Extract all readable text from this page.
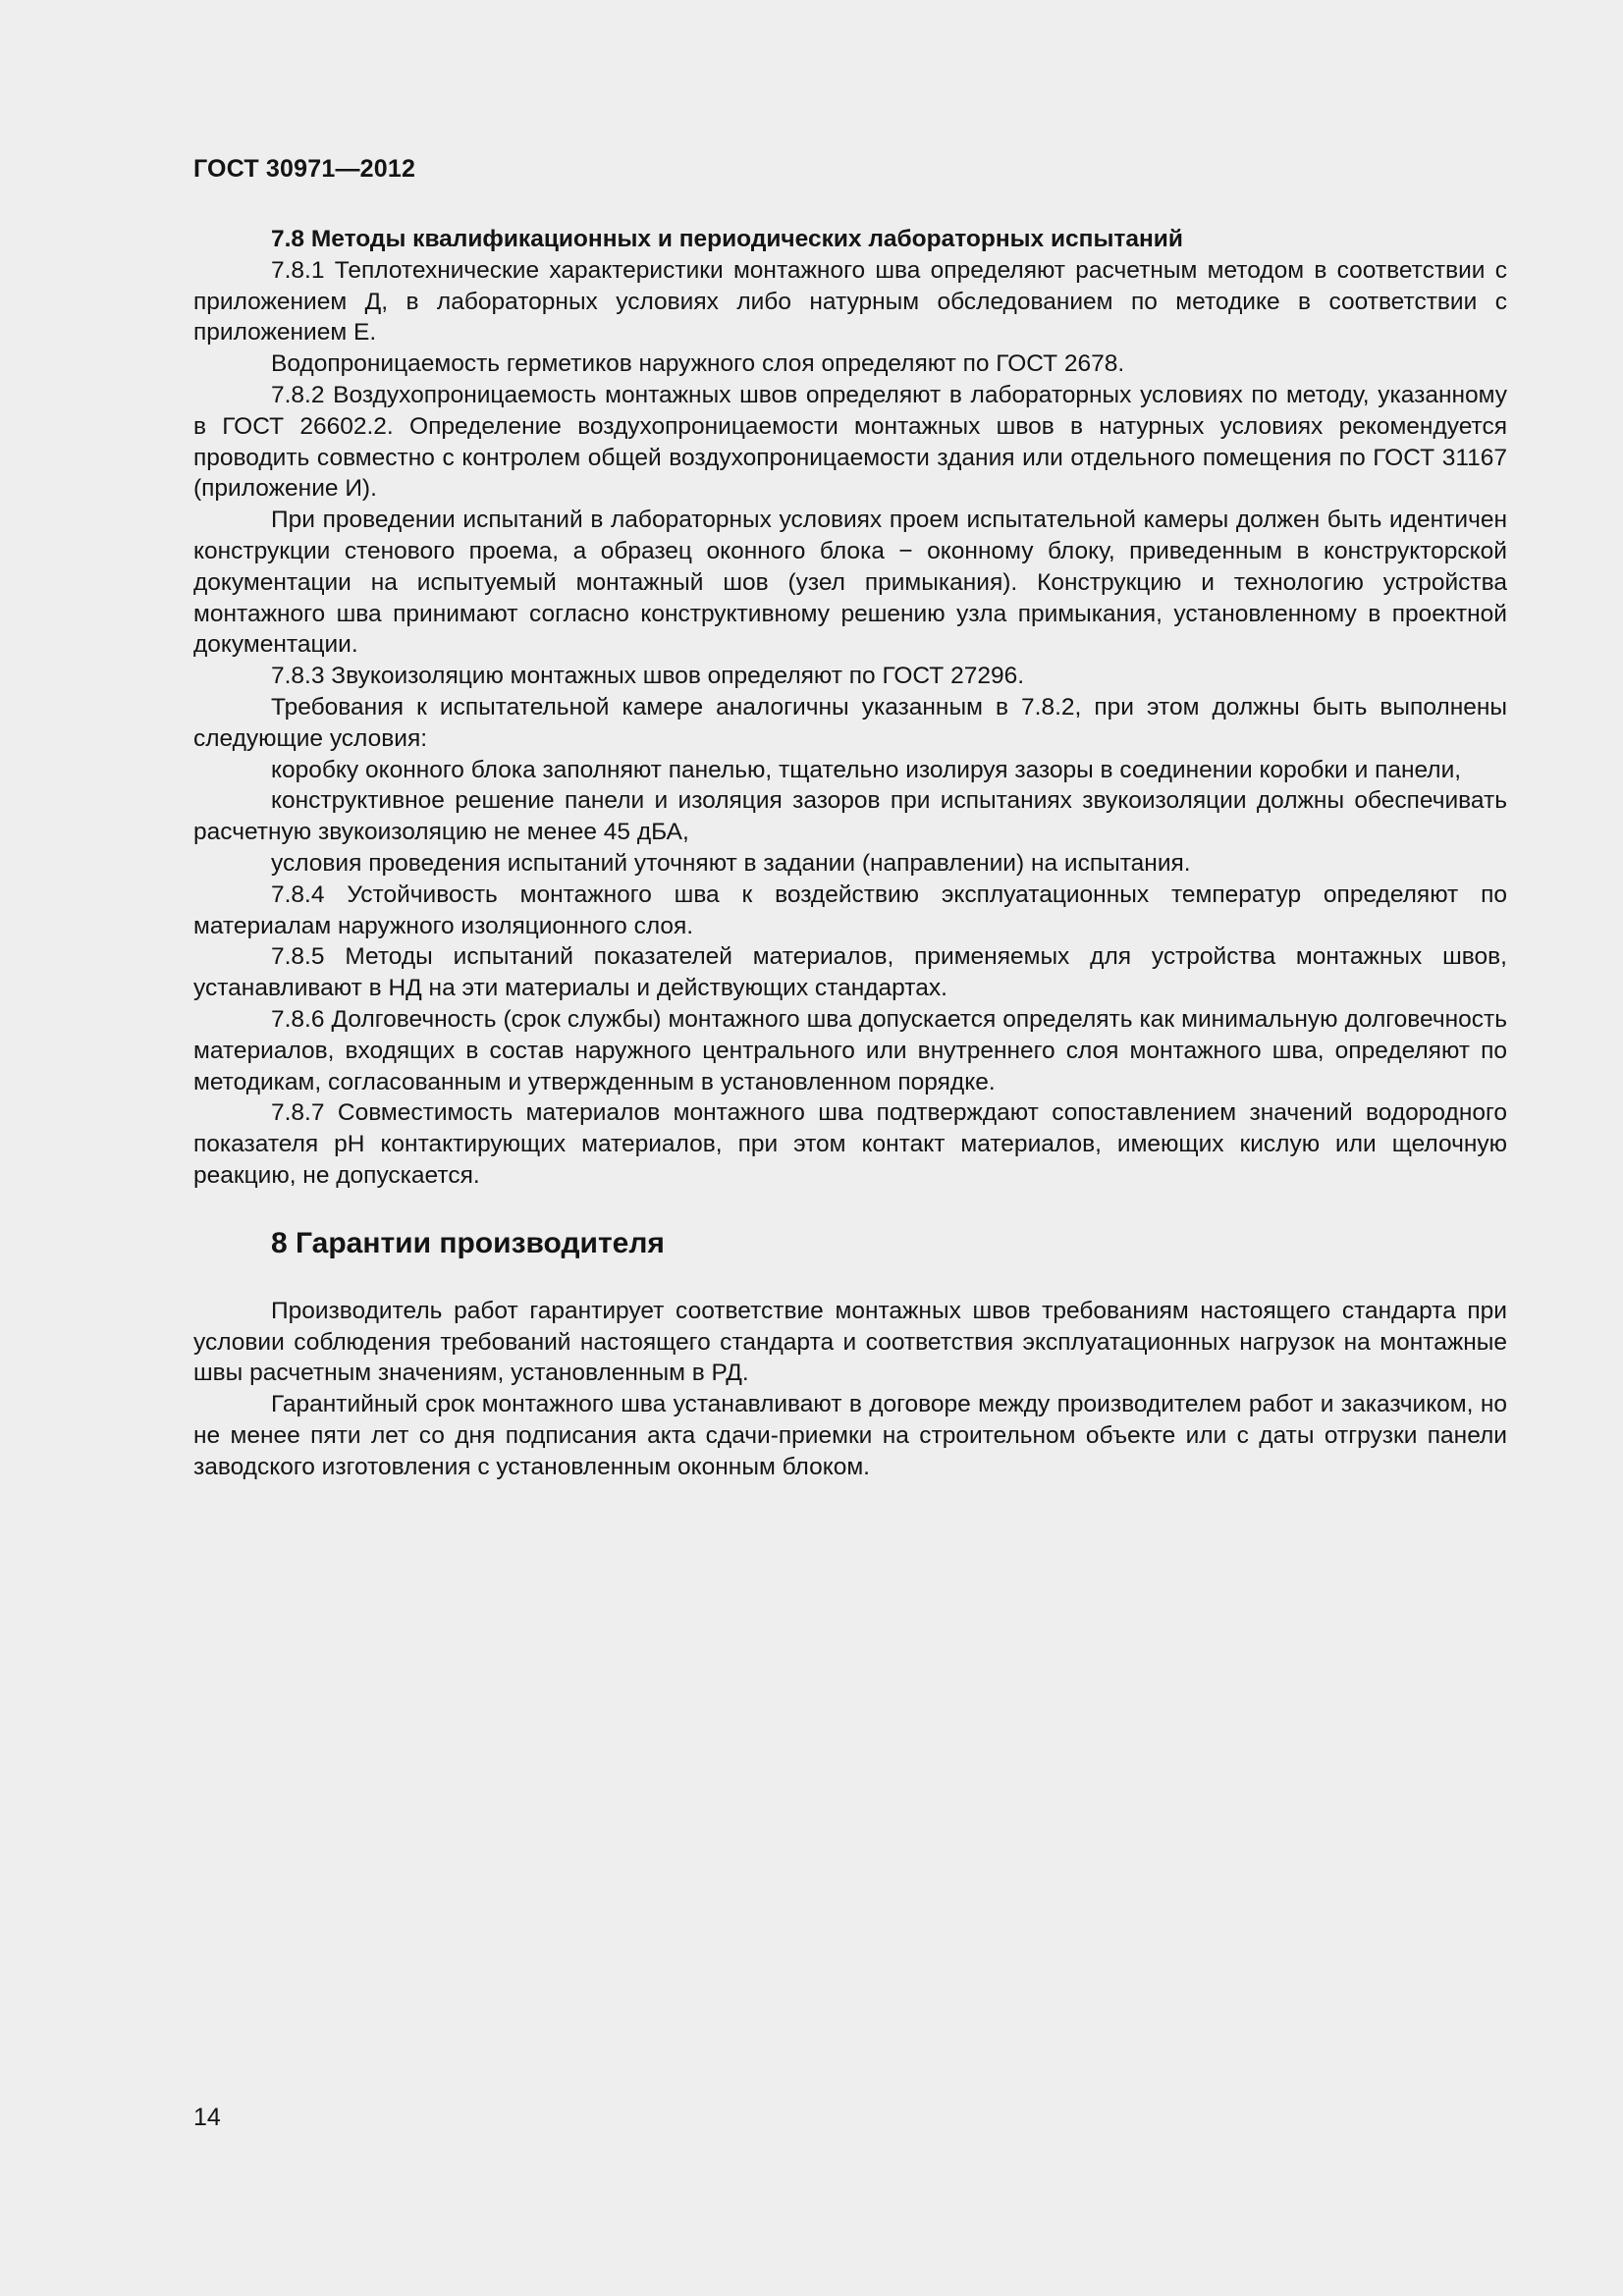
ГОСТ 30971—2012

7.8 Методы квалификационных и периодических лабораторных испытаний

7.8.1 Теплотехнические характеристики монтажного шва определяют расчетным методом в соответствии с приложением Д, в лабораторных условиях либо натурным обследованием по методике в соответствии с приложением Е.

Водопроницаемость герметиков наружного слоя определяют по ГОСТ 2678.

7.8.2 Воздухопроницаемость монтажных швов определяют в лабораторных условиях по методу, указанному в ГОСТ 26602.2. Определение воздухопроницаемости монтажных швов в натурных условиях рекомендуется проводить совместно с контролем общей воздухопроницаемости здания или отдельного помещения по ГОСТ 31167 (приложение И).

При проведении испытаний в лабораторных условиях проем испытательной камеры должен быть идентичен конструкции стенового проема, а образец оконного блока − оконному блоку, приведенным в конструкторской документации на испытуемый монтажный шов (узел примыкания). Конструкцию и технологию устройства монтажного шва принимают согласно конструктивному решению узла примыкания, установленному в проектной документации.

7.8.3 Звукоизоляцию монтажных швов определяют по ГОСТ 27296.

Требования к испытательной камере аналогичны указанным в 7.8.2, при этом должны быть выполнены следующие условия:

коробку оконного блока заполняют панелью, тщательно изолируя зазоры в соединении коробки и панели,

конструктивное решение панели и изоляция зазоров при испытаниях звукоизоляции должны обеспечивать расчетную звукоизоляцию не менее 45 дБА,

условия проведения испытаний уточняют в задании (направлении) на испытания.

7.8.4 Устойчивость монтажного шва к воздействию эксплуатационных температур определяют по материалам наружного изоляционного слоя.

7.8.5 Методы испытаний показателей материалов, применяемых для устройства монтажных швов, устанавливают в НД на эти материалы и действующих стандартах.

7.8.6 Долговечность (срок службы) монтажного шва допускается определять как минимальную долговечность материалов, входящих в состав наружного центрального или внутреннего слоя монтажного шва, определяют по методикам, согласованным и утвержденным в установленном порядке.

7.8.7 Совместимость материалов монтажного шва подтверждают сопоставлением значений водородного показателя pH контактирующих материалов, при этом контакт материалов, имеющих кислую или щелочную реакцию, не допускается.

8 Гарантии производителя

Производитель работ гарантирует соответствие монтажных швов требованиям настоящего стандарта при условии соблюдения требований настоящего стандарта и соответствия эксплуатационных нагрузок на монтажные швы расчетным значениям, установленным в РД.

Гарантийный срок монтажного шва устанавливают в договоре между производителем работ и заказчиком, но не менее пяти лет со дня подписания акта сдачи-приемки на строительном объекте или с даты отгрузки панели заводского изготовления с установленным оконным блоком.

14
